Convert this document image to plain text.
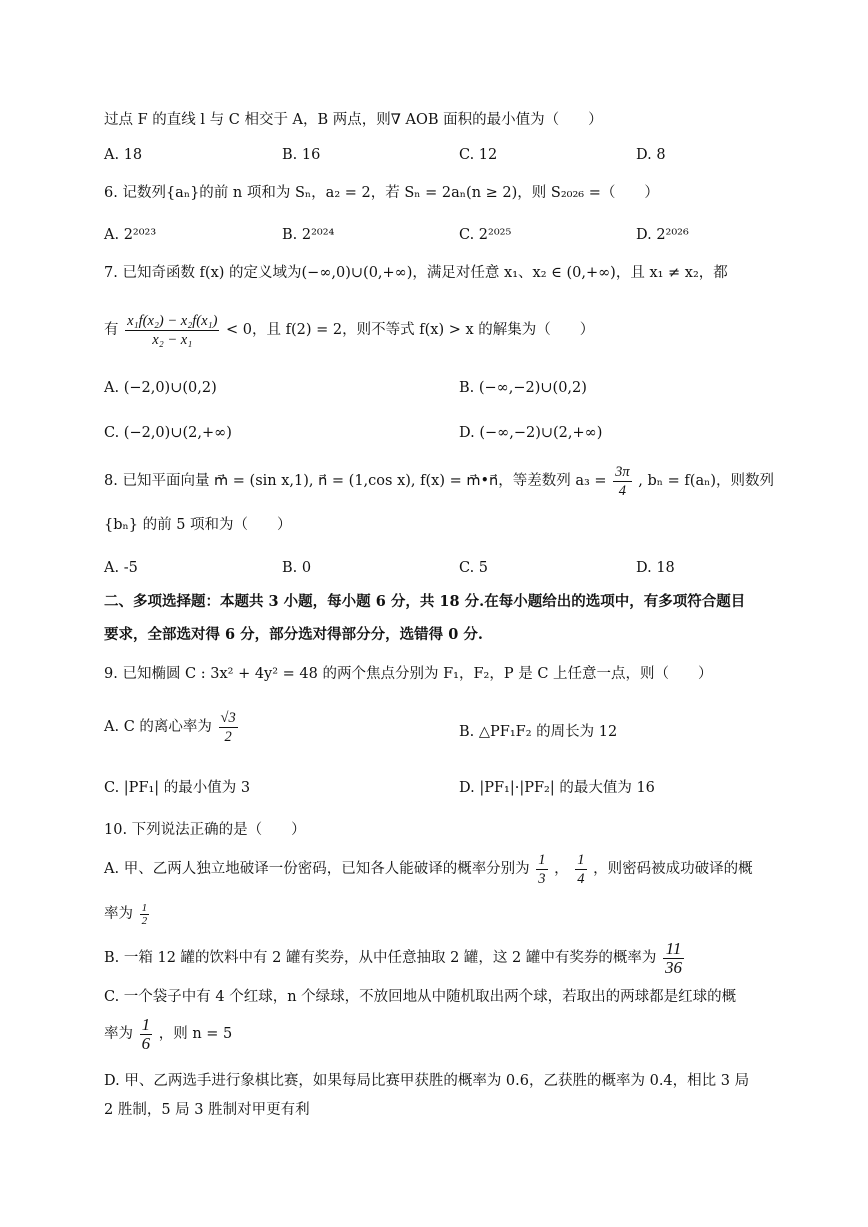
过点 F 的直线 l 与 C 相交于 A，B 两点，则∇ AOB 面积的最小值为（　　）
A. 18	B. 16	C. 12	D. 8
6. 记数列{aₙ}的前 n 项和为 Sₙ，a₂ = 2，若 Sₙ = 2aₙ(n ≥ 2)，则 S₂₀₂₆ =（　　）
A. 2²⁰²³	B. 2²⁰²⁴	C. 2²⁰²⁵	D. 2²⁰²⁶
7. 已知奇函数 f(x) 的定义域为(−∞,0)∪(0,+∞)，满足对任意 x₁、x₂ ∈ (0,+∞)，且 x₁ ≠ x₂，都
有 $\frac{\text{x₁f(x₂) − x₂f(x₁)}}{\text{x₂ − x₁}} < 0$，且 f(2) = 2，则不等式 f(x) > x 的解集为（　　）
A. (−2,0)∪(0,2)	B. (−∞,−2)∪(0,2)
C. (−2,0)∪(2,+∞)	D. (−∞,−2)∪(2,+∞)
8. 已知平面向量 m⃗ = (sin x,1), n⃗ = (1,cos x), f(x) = m⃗•n⃗，等差数列 $a_3 = \frac{3\pi}{4}$ , bₙ = f(aₙ)，则数列
{bₙ} 的前 5 项和为（　　）
A. -5	B. 0	C. 5	D. 18
二、多项选择题：本题共 3 小题，每小题 6 分，共 18 分.在每小题给出的选项中，有多项符合题目
要求，全部选对得 6 分，部分选对得部分分，选错得 0 分.
9. 已知椭圆 C : 3x² + 4y² = 48 的两个焦点分别为 F₁，F₂，P 是 C 上任意一点，则（　　）
A. C 的离心率为 $\frac{√3}{2}$	B. △PF₁F₂ 的周长为 12
C. |PF₁| 的最小值为 3	D. |PF₁|·|PF₂| 的最大值为 16
10. 下列说法正确的是（　　）
A. 甲、乙两人独立地破译一份密码，已知各人能破译的概率分别为 $\frac{1}{3}$ ， $\frac{1}{4}$ ，则密码被成功破译的概
率为 $\frac{1}{2}$
B. 一箱 12 罐的饮料中有 2 罐有奖券，从中任意抽取 2 罐，这 2 罐中有奖券的概率为 $\frac{11}{36}$
C. 一个袋子中有 4 个红球，n 个绿球，不放回地从中随机取出两个球，若取出的两球都是红球的概
率为 $\frac{1}{6}$ ，则 n = 5
D. 甲、乙两选手进行象棋比赛，如果每局比赛甲获胜的概率为 0.6，乙获胜的概率为 0.4，相比 3 局
2 胜制，5 局 3 胜制对甲更有利
